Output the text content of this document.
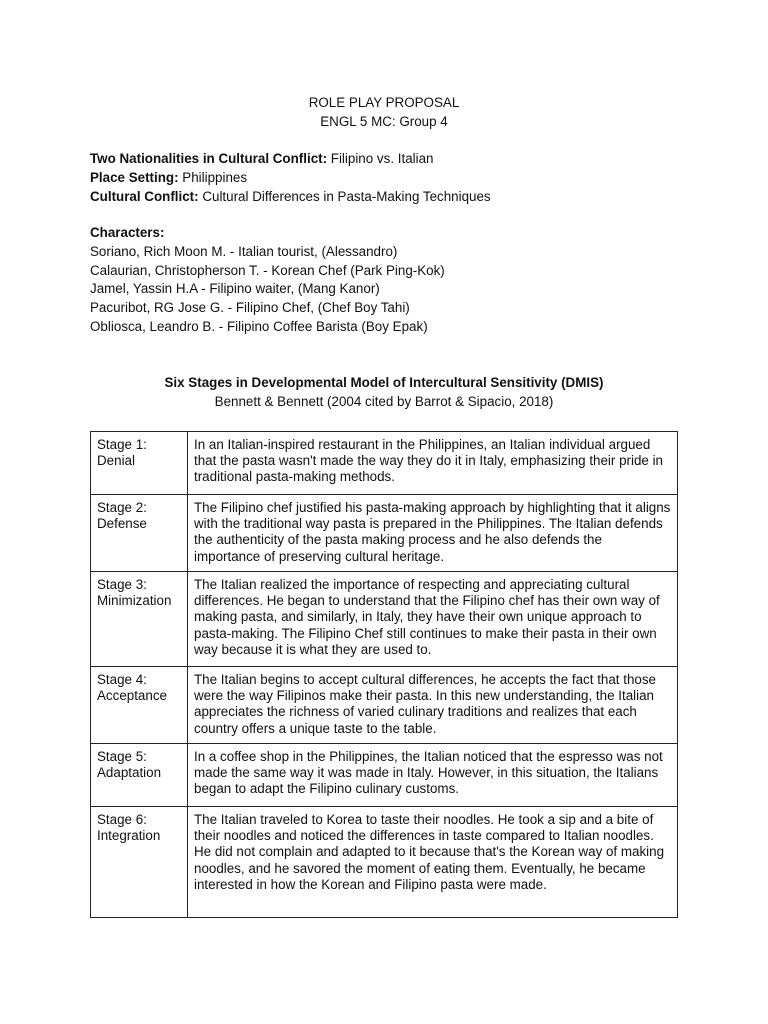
ROLE PLAY PROPOSAL
ENGL 5 MC: Group 4
Two Nationalities in Cultural Conflict: Filipino vs. Italian
Place Setting: Philippines
Cultural Conflict: Cultural Differences in Pasta-Making Techniques
Characters:
Soriano, Rich Moon M. - Italian tourist, (Alessandro)
Calaurian, Christopherson T. - Korean Chef (Park Ping-Kok)
Jamel, Yassin H.A - Filipino waiter, (Mang Kanor)
Pacuribot, RG Jose G. - Filipino Chef, (Chef Boy Tahi)
Obliosca, Leandro B. - Filipino Coffee Barista (Boy Epak)
Six Stages in Developmental Model of Intercultural Sensitivity (DMIS)
Bennett & Bennett (2004 cited by Barrot & Sipacio, 2018)
Stage 1:
Denial	In an Italian-inspired restaurant in the Philippines, an Italian individual argued that the pasta wasn't made the way they do it in Italy, emphasizing their pride in traditional pasta-making methods.

Stage 2:
Defense	The Filipino chef justified his pasta-making approach by highlighting that it aligns with the traditional way pasta is prepared in the Philippines. The Italian defends the authenticity of the pasta making process and he also defends the importance of preserving cultural heritage.

Stage 3:
Minimization	The Italian realized the importance of respecting and appreciating cultural differences. He began to understand that the Filipino chef has their own way of making pasta, and similarly, in Italy, they have their own unique approach to pasta-making. The Filipino Chef still continues to make their pasta in their own way because it is what they are used to.

Stage 4:
Acceptance	The Italian begins to accept cultural differences, he accepts the fact that those were the way Filipinos make their pasta. In this new understanding, the Italian appreciates the richness of varied culinary traditions and realizes that each country offers a unique taste to the table.

Stage 5:
Adaptation	In a coffee shop in the Philippines, the Italian noticed that the espresso was not made the same way it was made in Italy. However, in this situation, the Italians began to adapt the Filipino culinary customs.

Stage 6:
Integration	The Italian traveled to Korea to taste their noodles. He took a sip and a bite of their noodles and noticed the differences in taste compared to Italian noodles. He did not complain and adapted to it because that's the Korean way of making noodles, and he savored the moment of eating them. Eventually, he became interested in how the Korean and Filipino pasta were made.
